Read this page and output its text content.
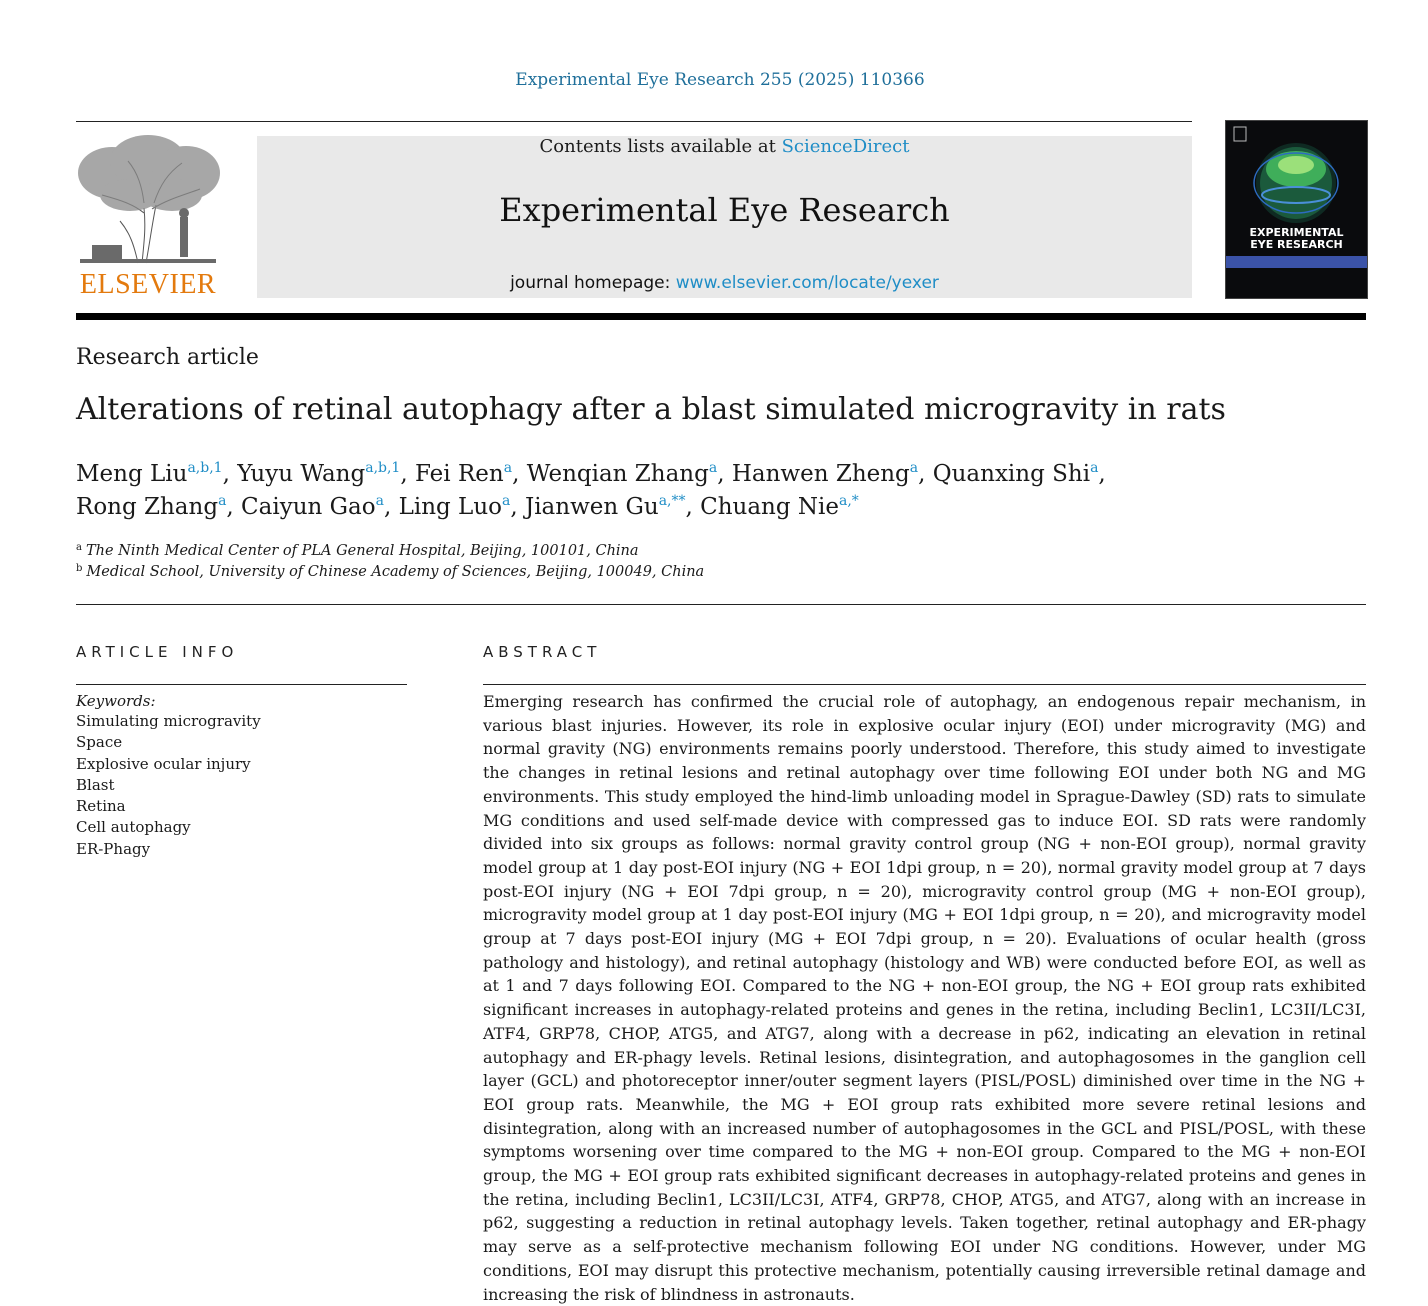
Experimental Eye Research 255 (2025) 110366

ELSEVIER
Contents lists available at ScienceDirect
Experimental Eye Research
journal homepage: www.elsevier.com/locate/yexer
EXPERIMENTAL
EYE RESEARCH

Research article

Alterations of retinal autophagy after a blast simulated microgravity in rats

Meng Liu$^{a,b,1}$, Yuyu Wang$^{a,b,1}$, Fei Ren$^a$, Wenqian Zhang$^a$, Hanwen Zheng$^a$, Quanxing Shi$^a$,
Rong Zhang$^a$, Caiyun Gao$^a$, Ling Luo$^a$, Jianwen $Gu^{a,**}$, Chuang Nie$^{a,*}$

$^a$ The Ninth Medical Center of PLA General Hospital, Beijing, 100101, China
$^b$ Medical School, University of Chinese Academy of Sciences, Beijing, 100049, China
ARTICLE INFO	ABSTRACT

Keywords:

Simulating microgravity
Space
Explosive ocular injury
Blast
Retina
Cell autophagy
ER-Phagy

Emerging research has confirmed the crucial role of autophagy, an endogenous repair mechanism, in various blast injuries. However, its role in explosive ocular injury (EOI) under microgravity (MG) and normal gravity (NG) environments remains poorly understood. Therefore, this study aimed to investigate the changes in retinal lesions and retinal autophagy over time following EOI under both NG and MG environments. This study employed the hind-limb unloading model in Sprague-Dawley (SD) rats to simulate MG conditions and used self-made device with compressed gas to induce EOI. SD rats were randomly divided into six groups as follows: normal gravity control group (NG + non-EOI group), normal gravity model group at 1 day post-EOI injury (NG + EOI 1dpi group, n = 20), normal gravity model group at 7 days post-EOI injury (NG + EOI 7dpi group, n = 20), microgravity control group (MG + non-EOI group), microgravity model group at 1 day post-EOI injury (MG + EOI 1dpi group, n = 20), and microgravity model group at 7 days post-EOI injury (MG + EOI 7dpi group, n = 20). Evaluations of ocular health (gross pathology and histology), and retinal autophagy (histology and WB) were conducted before EOI, as well as at 1 and 7 days following EOI. Compared to the NG + non-EOI group, the NG + EOI group rats exhibited significant increases in autophagy-related proteins and genes in the retina, including Beclin1, LC3II/LC3I, ATF4, GRP78, CHOP, ATG5, and ATG7, along with a decrease in p62, indicating an elevation in retinal autophagy and ER-phagy levels. Retinal lesions, disintegration, and autophagosomes in the ganglion cell layer (GCL) and photoreceptor inner/outer segment layers (PISL/POSL) diminished over time in the NG + EOI group rats. Meanwhile, the MG + EOI group rats exhibited more severe retinal lesions and disintegration, along with an increased number of autophagosomes in the GCL and PISL/POSL, with these symptoms worsening over time compared to the MG + non-EOI group. Compared to the MG + non-EOI group, the MG + EOI group rats exhibited significant decreases in autophagy-related proteins and genes in the retina, including Beclin1, LC3II/LC3I, ATF4, GRP78, CHOP, ATG5, and ATG7, along with an increase in p62, suggesting a reduction in retinal autophagy levels. Taken together, retinal autophagy and ER-phagy may serve as a self-protective mechanism following EOI under NG conditions. However, under MG conditions, EOI may disrupt this protective mechanism, potentially causing irreversible retinal damage and increasing the risk of blindness in astronauts.
